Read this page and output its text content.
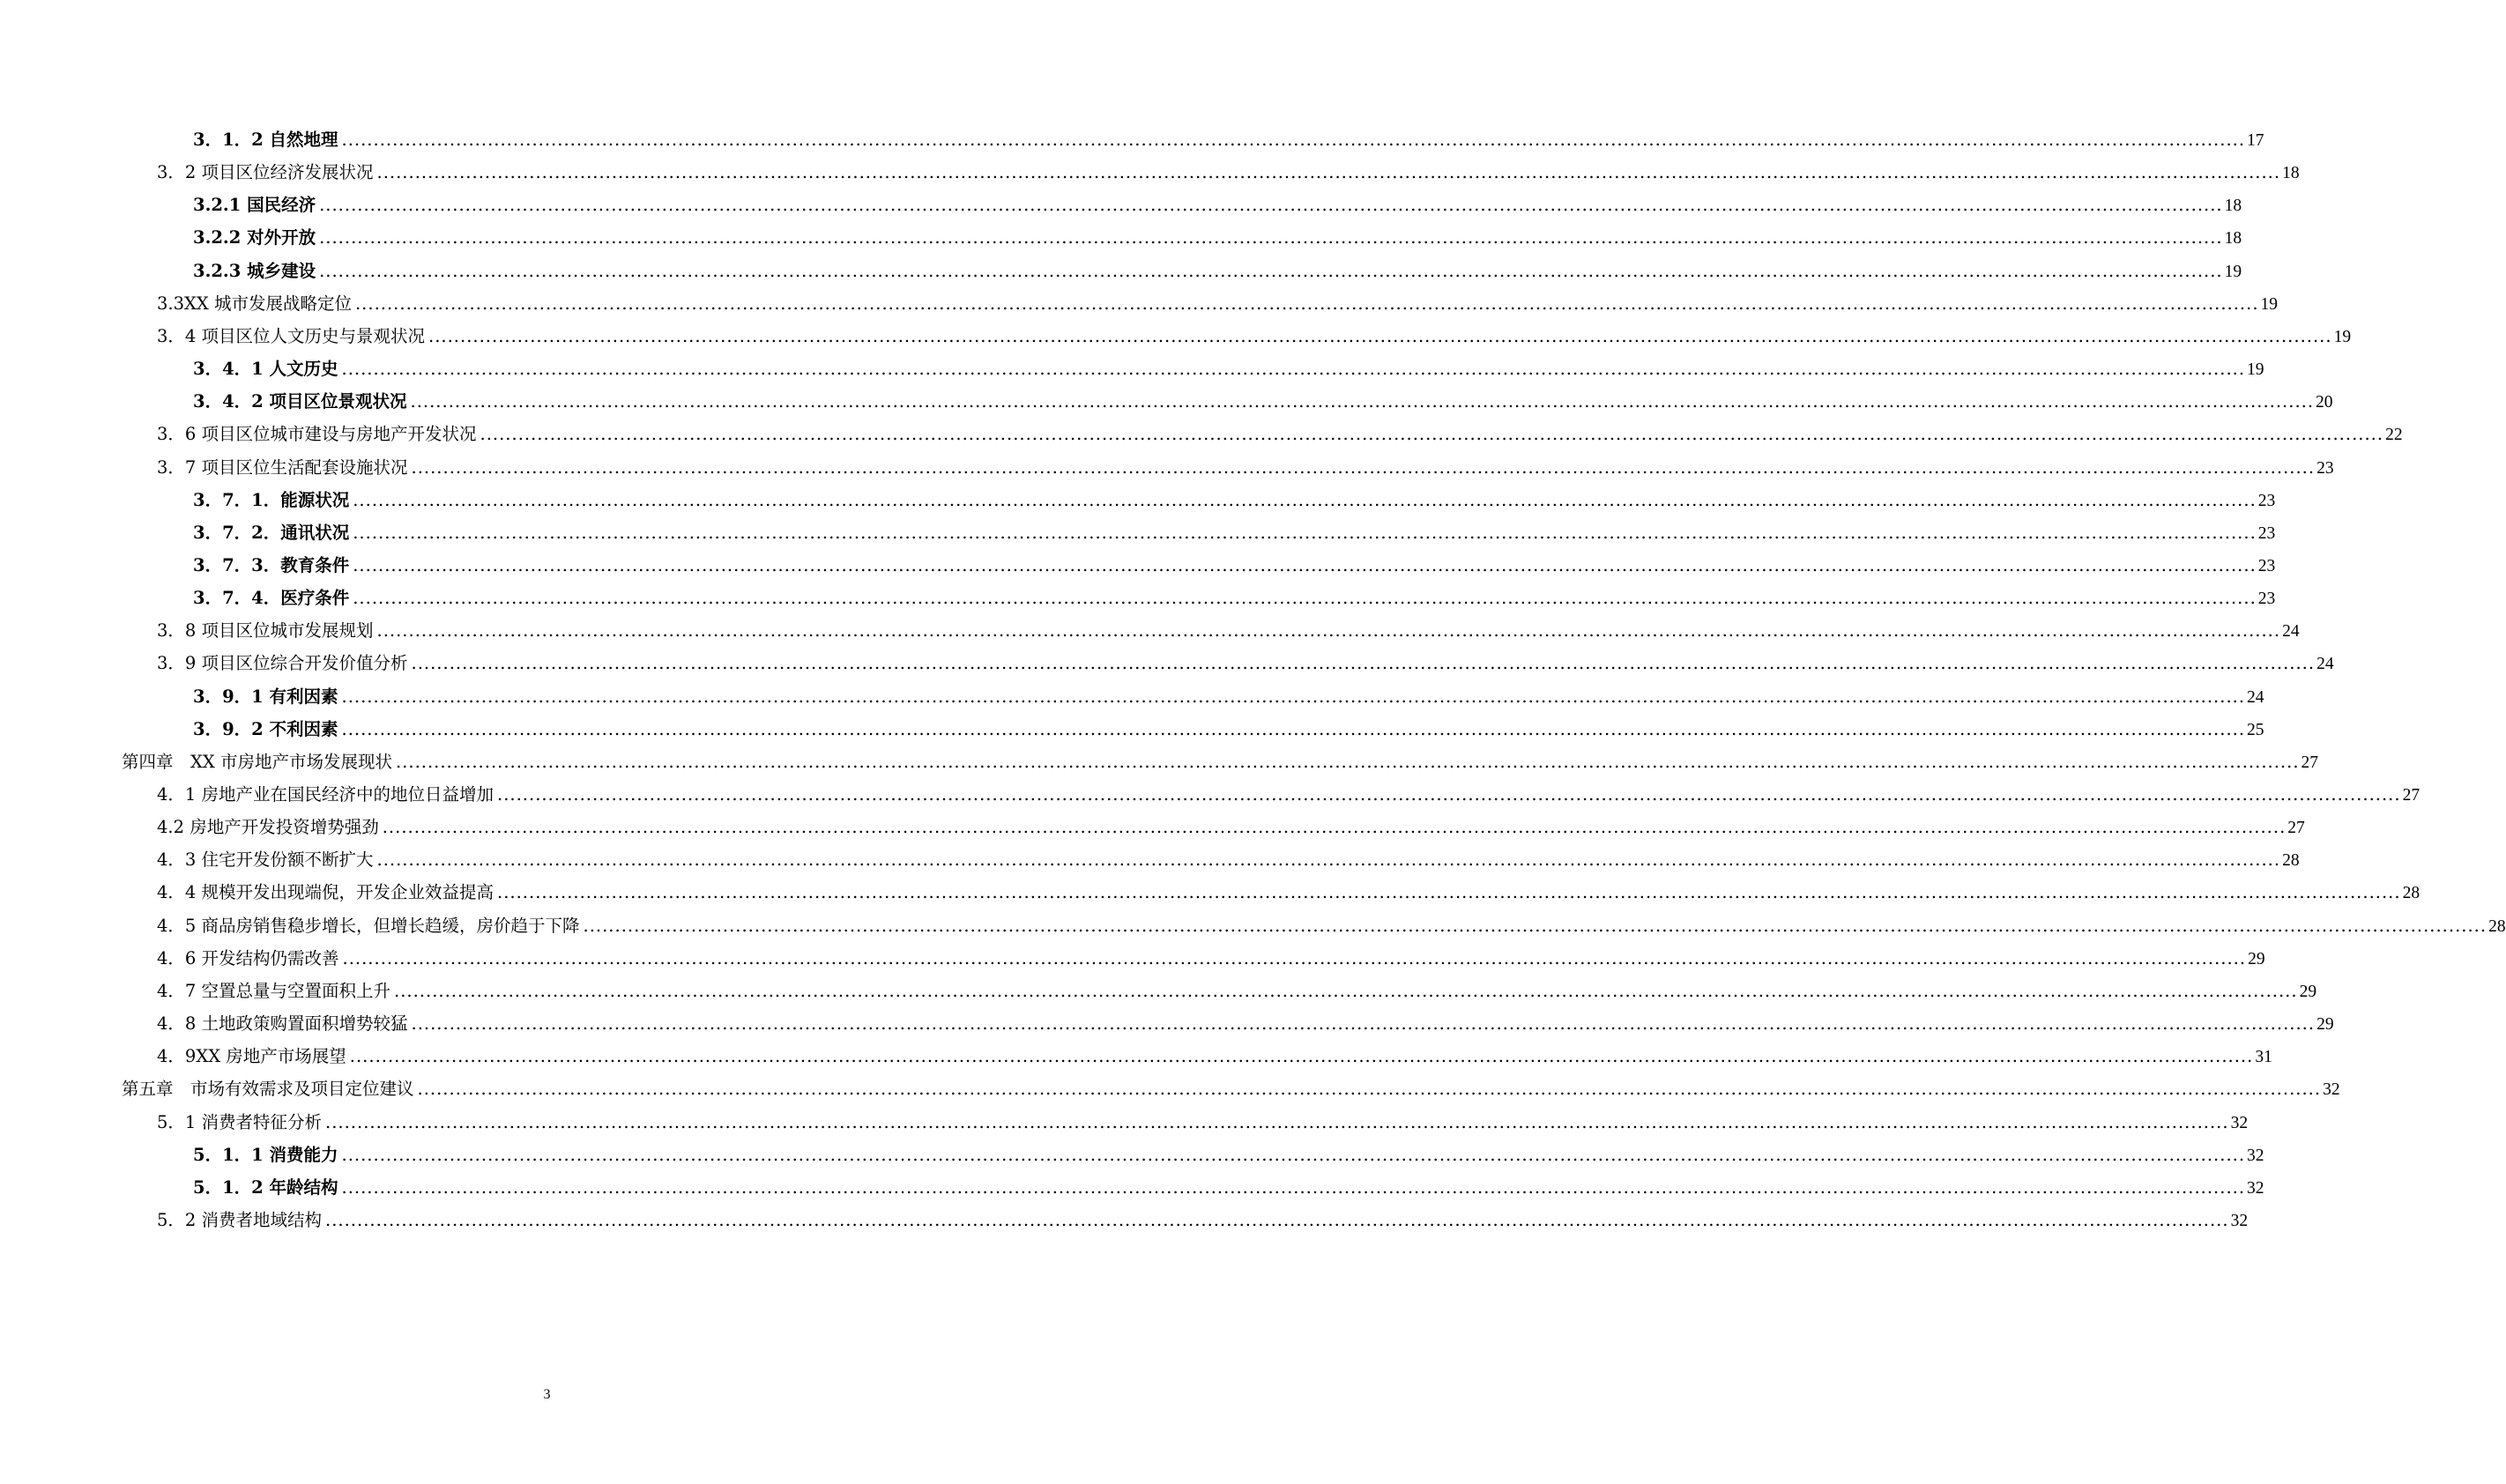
3．1．2 自然地理 ............................................................................................................................................................................................................................................................................................................ 17
3．2 项目区位经济发展状况 ............................................................................................................................................................................................................................................................................................................ 18
3.2.1 国民经济 ............................................................................................................................................................................................................................................................................................................ 18
3.2.2 对外开放 ............................................................................................................................................................................................................................................................................................................ 18
3.2.3 城乡建设 ............................................................................................................................................................................................................................................................................................................ 19
3.3XX 城市发展战略定位 ............................................................................................................................................................................................................................................................................................................ 19
3．4 项目区位人文历史与景观状况 ............................................................................................................................................................................................................................................................................................................ 19
3．4．1 人文历史 ............................................................................................................................................................................................................................................................................................................ 19
3．4．2 项目区位景观状况 ............................................................................................................................................................................................................................................................................................................ 20
3．6 项目区位城市建设与房地产开发状况 ............................................................................................................................................................................................................................................................................................................ 22
3．7 项目区位生活配套设施状况 ............................................................................................................................................................................................................................................................................................................ 23
3．7．1．能源状况 ............................................................................................................................................................................................................................................................................................................ 23
3．7．2．通讯状况 ............................................................................................................................................................................................................................................................................................................ 23
3．7．3．教育条件 ............................................................................................................................................................................................................................................................................................................ 23
3．7．4．医疗条件 ............................................................................................................................................................................................................................................................................................................ 23
3．8 项目区位城市发展规划 ............................................................................................................................................................................................................................................................................................................ 24
3．9 项目区位综合开发价值分析 ............................................................................................................................................................................................................................................................................................................ 24
3．9．1 有利因素 ............................................................................................................................................................................................................................................................................................................ 24
3．9．2 不利因素 ............................................................................................................................................................................................................................................................................................................ 25
第四章　XX 市房地产市场发展现状 ............................................................................................................................................................................................................................................................................................................ 27
4．1 房地产业在国民经济中的地位日益增加 ............................................................................................................................................................................................................................................................................................................ 27
4.2 房地产开发投资增势强劲 ............................................................................................................................................................................................................................................................................................................ 27
4．3 住宅开发份额不断扩大 ............................................................................................................................................................................................................................................................................................................ 28
4．4 规模开发出现端倪，开发企业效益提高 ............................................................................................................................................................................................................................................................................................................ 28
4．5 商品房销售稳步增长，但增长趋缓，房价趋于下降 ............................................................................................................................................................................................................................................................................................................ 28
4．6 开发结构仍需改善 ............................................................................................................................................................................................................................................................................................................ 29
4．7 空置总量与空置面积上升 ............................................................................................................................................................................................................................................................................................................ 29
4．8 土地政策购置面积增势较猛 ............................................................................................................................................................................................................................................................................................................ 29
4．9XX 房地产市场展望 ............................................................................................................................................................................................................................................................................................................ 31
第五章　市场有效需求及项目定位建议 ............................................................................................................................................................................................................................................................................................................ 32
5．1 消费者特征分析 ............................................................................................................................................................................................................................................................................................................ 32
5．1．1 消费能力 ............................................................................................................................................................................................................................................................................................................ 32
5．1．2 年龄结构 ............................................................................................................................................................................................................................................................................................................ 32
5．2 消费者地域结构 ............................................................................................................................................................................................................................................................................................................ 32
3
